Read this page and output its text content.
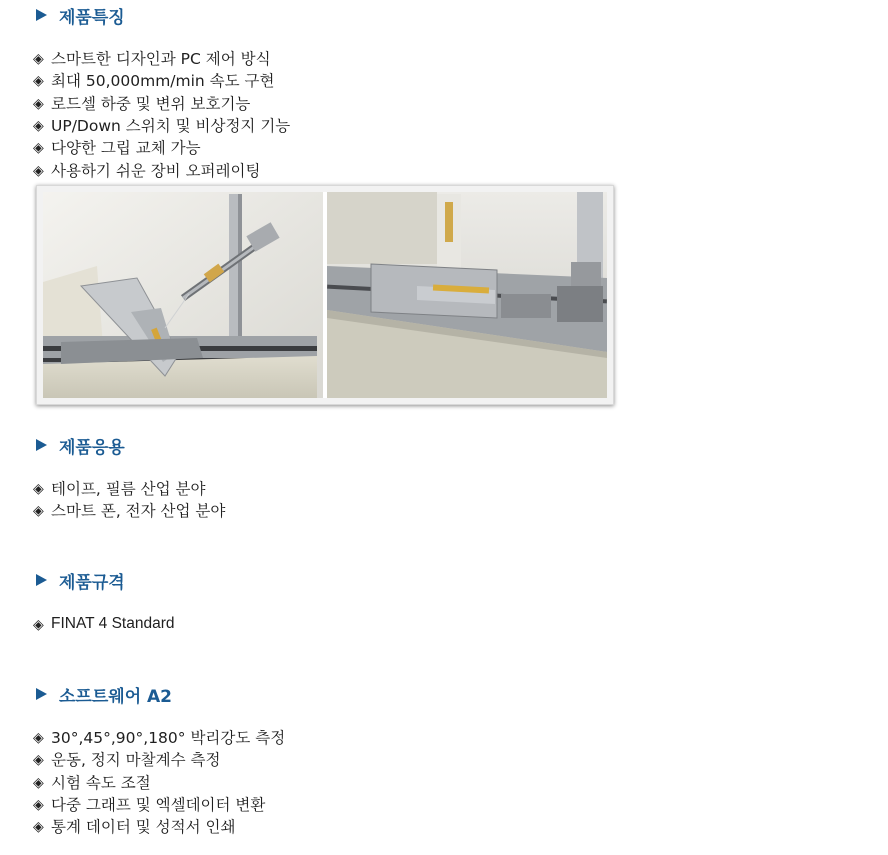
제품특징
◈ 스마트한 디자인과 PC 제어 방식
◈ 최대 50,000mm/min 속도 구현
◈ 로드셀 하중 및 변위 보호기능
◈ UP/Down 스위치 및 비상정지 기능
◈ 다양한 그립 교체 가능
◈ 사용하기 쉬운 장비 오퍼레이팅
제품응용
◈ 테이프, 필름 산업 분야
◈ 스마트 폰, 전자 산업 분야
제품규격
◈ FINAT 4 Standard
소프트웨어 A2
◈ 30°,45°,90°,180° 박리강도 측정
◈ 운동, 정지 마찰계수 측정
◈ 시험 속도 조절
◈ 다중 그래프 및 엑셀데이터 변환
◈ 통계 데이터 및 성적서 인쇄
